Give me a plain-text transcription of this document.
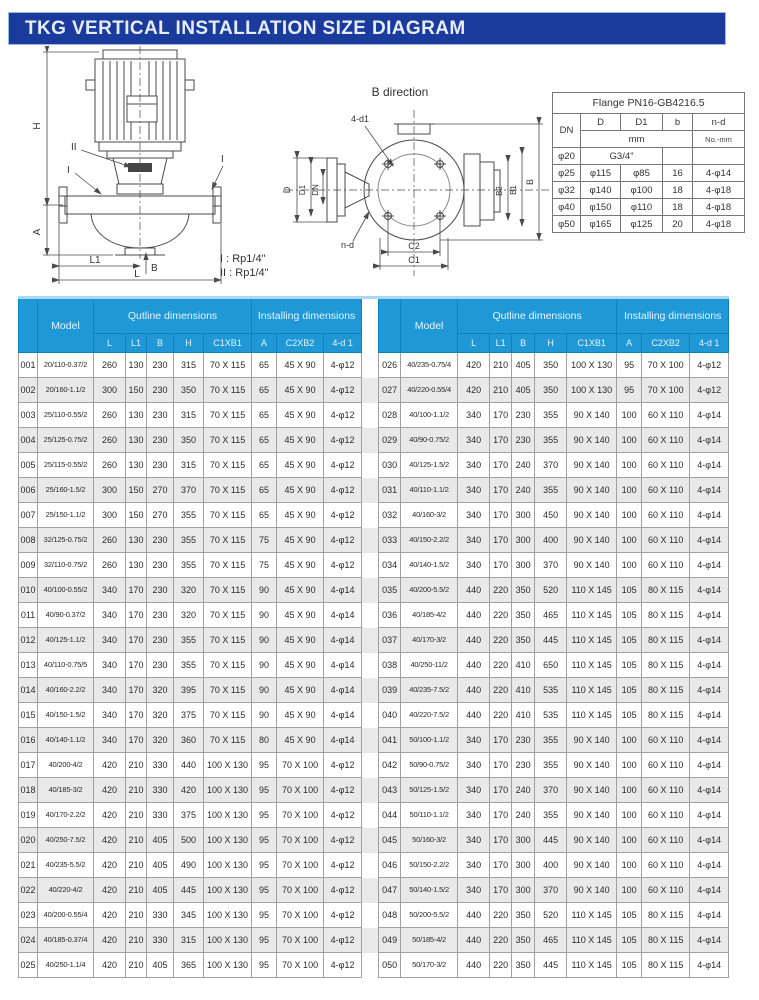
TKG VERTICAL INSTALLATION SIZE DIAGRAM
H
A
L1
L
B
II
I
I
B direction
4-d1
n-d
D D1 DN	B2 B1
B
C2
C1
I : Rp1/4"
II : Rp1/4"
Flange PN16-GB4216.5				
DN	D	D1	b	n-d
	mm			No.-mm
φ20	G3/4"			
φ25	φ115	φ85	16	4-φ14
φ32	φ140	φ100	18	4-φ18
φ40	φ150	φ110	18	4-φ18
φ50	φ165	φ125	20	4-φ18
	Model	Qutline dimensions					Installing dimensions					Model	Qutline dimensions					Installing dimensions		
		L	L1	B	H	C1XB1	A	C2XB2	4-d 1				L	L1	B	H	C1XB1	A	C2XB2	4-d 1
001	20/110-0.37/2	260	130	230	315	70 X 115	65	45 X 90	4-φ12		026	40/235-0.75/4	420	210	405	350	100 X 130	95	70 X 100	4-φ12
002	20/160-1.1/2	300	150	230	350	70 X 115	65	45 X 90	4-φ12		027	40/220-0.55/4	420	210	405	350	100 X 130	95	70 X 100	4-φ12
003	25/110-0.55/2	260	130	230	315	70 X 115	65	45 X 90	4-φ12		028	40/100-1.1/2	340	170	230	355	90 X 140	100	60 X 110	4-φ14
004	25/125-0.75/2	260	130	230	350	70 X 115	65	45 X 90	4-φ12		029	40/90-0.75/2	340	170	230	355	90 X 140	100	60 X 110	4-φ14
005	25/115-0.55/2	260	130	230	315	70 X 115	65	45 X 90	4-φ12		030	40/125-1.5/2	340	170	240	370	90 X 140	100	60 X 110	4-φ14
006	25/160-1.5/2	300	150	270	370	70 X 115	65	45 X 90	4-φ12		031	40/110-1.1/2	340	170	240	355	90 X 140	100	60 X 110	4-φ14
007	25/150-1.1/2	300	150	270	355	70 X 115	65	45 X 90	4-φ12		032	40/160-3/2	340	170	300	450	90 X 140	100	60 X 110	4-φ14
008	32/125-0.75/2	260	130	230	355	70 X 115	75	45 X 90	4-φ12		033	40/150-2.2/2	340	170	300	400	90 X 140	100	60 X 110	4-φ14
009	32/110-0.75/2	260	130	230	355	70 X 115	75	45 X 90	4-φ12		034	40/140-1.5/2	340	170	300	370	90 X 140	100	60 X 110	4-φ14
010	40/100-0.55/2	340	170	230	320	70 X 115	90	45 X 90	4-φ14		035	40/200-5.5/2	440	220	350	520	110 X 145	105	80 X 115	4-φ14
011	40/90-0.37/2	340	170	230	320	70 X 115	90	45 X 90	4-φ14		036	40/185-4/2	440	220	350	465	110 X 145	105	80 X 115	4-φ14
012	40/125-1.1/2	340	170	230	355	70 X 115	90	45 X 90	4-φ14		037	40/170-3/2	440	220	350	445	110 X 145	105	80 X 115	4-φ14
013	40/110-0.75/5	340	170	230	355	70 X 115	90	45 X 90	4-φ14		038	40/250-11/2	440	220	410	650	110 X 145	105	80 X 115	4-φ14
014	40/160-2.2/2	340	170	320	395	70 X 115	90	45 X 90	4-φ14		039	40/235-7.5/2	440	220	410	535	110 X 145	105	80 X 115	4-φ14
015	40/150-1.5/2	340	170	320	375	70 X 115	90	45 X 90	4-φ14		040	40/220-7.5/2	440	220	410	535	110 X 145	105	80 X 115	4-φ14
016	40/140-1.1/2	340	170	320	360	70 X 115	80	45 X 90	4-φ14		041	50/100-1.1/2	340	170	230	355	90 X 140	100	60 X 110	4-φ14
017	40/200-4/2	420	210	330	440	100 X 130	95	70 X 100	4-φ12		042	50/90-0.75/2	340	170	230	355	90 X 140	100	60 X 110	4-φ14
018	40/185-3/2	420	210	330	420	100 X 130	95	70 X 100	4-φ12		043	50/125-1.5/2	340	170	240	370	90 X 140	100	60 X 110	4-φ14
019	40/170-2.2/2	420	210	330	375	100 X 130	95	70 X 100	4-φ12		044	50/110-1.1/2	340	170	240	355	90 X 140	100	60 X 110	4-φ14
020	40/250-7.5/2	420	210	405	500	100 X 130	95	70 X 100	4-φ12		045	50/160-3/2	340	170	300	445	90 X 140	100	60 X 110	4-φ14
021	40/235-5.5/2	420	210	405	490	100 X 130	95	70 X 100	4-φ12		046	50/150-2.2/2	340	170	300	400	90 X 140	100	60 X 110	4-φ14
022	40/220-4/2	420	210	405	445	100 X 130	95	70 X 100	4-φ12		047	50/140-1.5/2	340	170	300	370	90 X 140	100	60 X 110	4-φ14
023	40/200-0.55/4	420	210	330	345	100 X 130	95	70 X 100	4-φ12		048	50/200-5.5/2	440	220	350	520	110 X 145	105	80 X 115	4-φ14
024	40/185-0.37/4	420	210	330	315	100 X 130	95	70 X 100	4-φ12		049	50/185-4/2	440	220	350	465	110 X 145	105	80 X 115	4-φ14
025	40/250-1.1/4	420	210	405	365	100 X 130	95	70 X 100	4-φ12		050	50/170-3/2	440	220	350	445	110 X 145	105	80 X 115	4-φ14
